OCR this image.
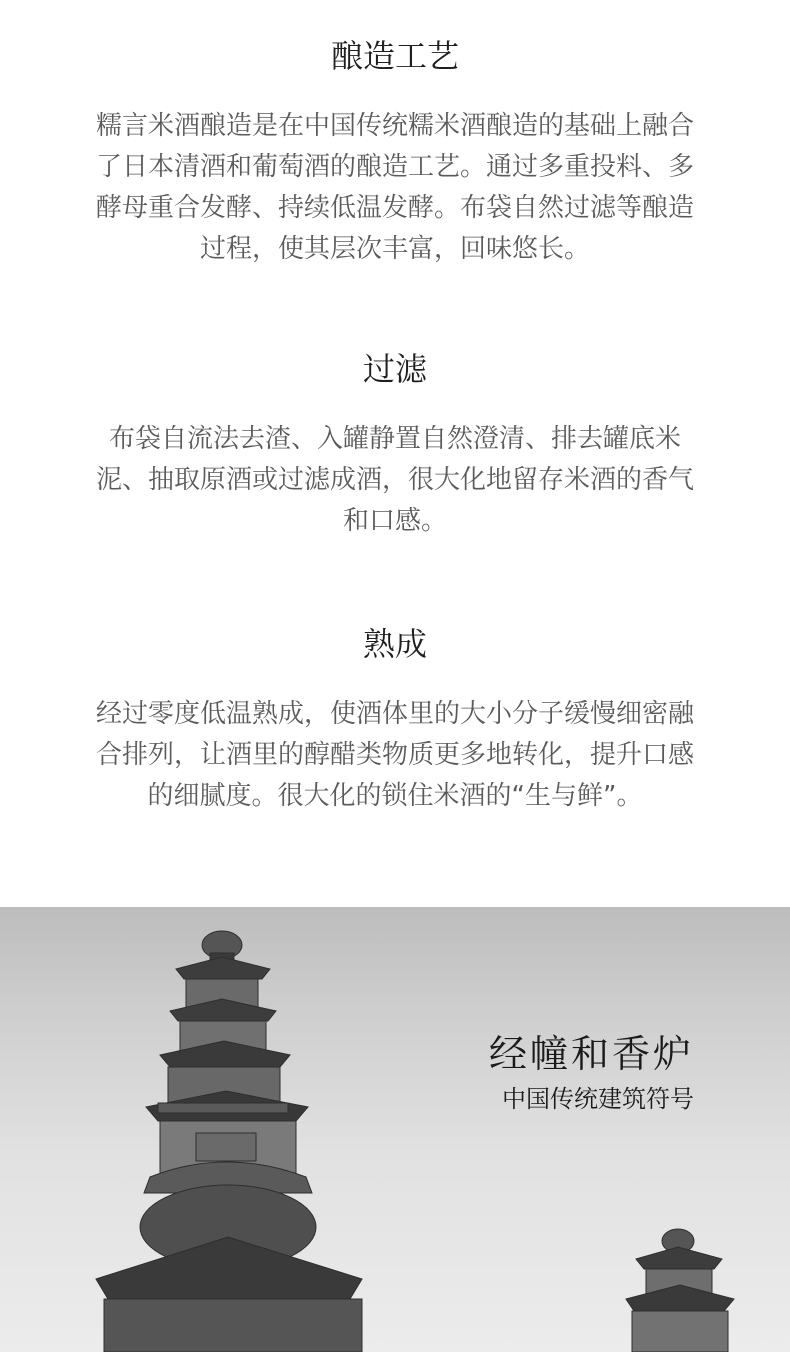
酿造工艺

糯言米酒酿造是在中国传统糯米酒酿造的基础上融合了日本清酒和葡萄酒的酿造工艺。通过多重投料、多酵母重合发酵、持续低温发酵。布袋自然过滤等酿造过程，使其层次丰富，回味悠长。

过滤

布袋自流法去渣、入罐静置自然澄清、排去罐底米泥、抽取原酒或过滤成酒，很大化地留存米酒的香气和口感。

熟成

经过零度低温熟成，使酒体里的大小分子缓慢细密融合排列，让酒里的醇醋类物质更多地转化，提升口感的细腻度。很大化的锁住米酒的“生与鲜”。

经幢和香炉

中国传统建筑符号
